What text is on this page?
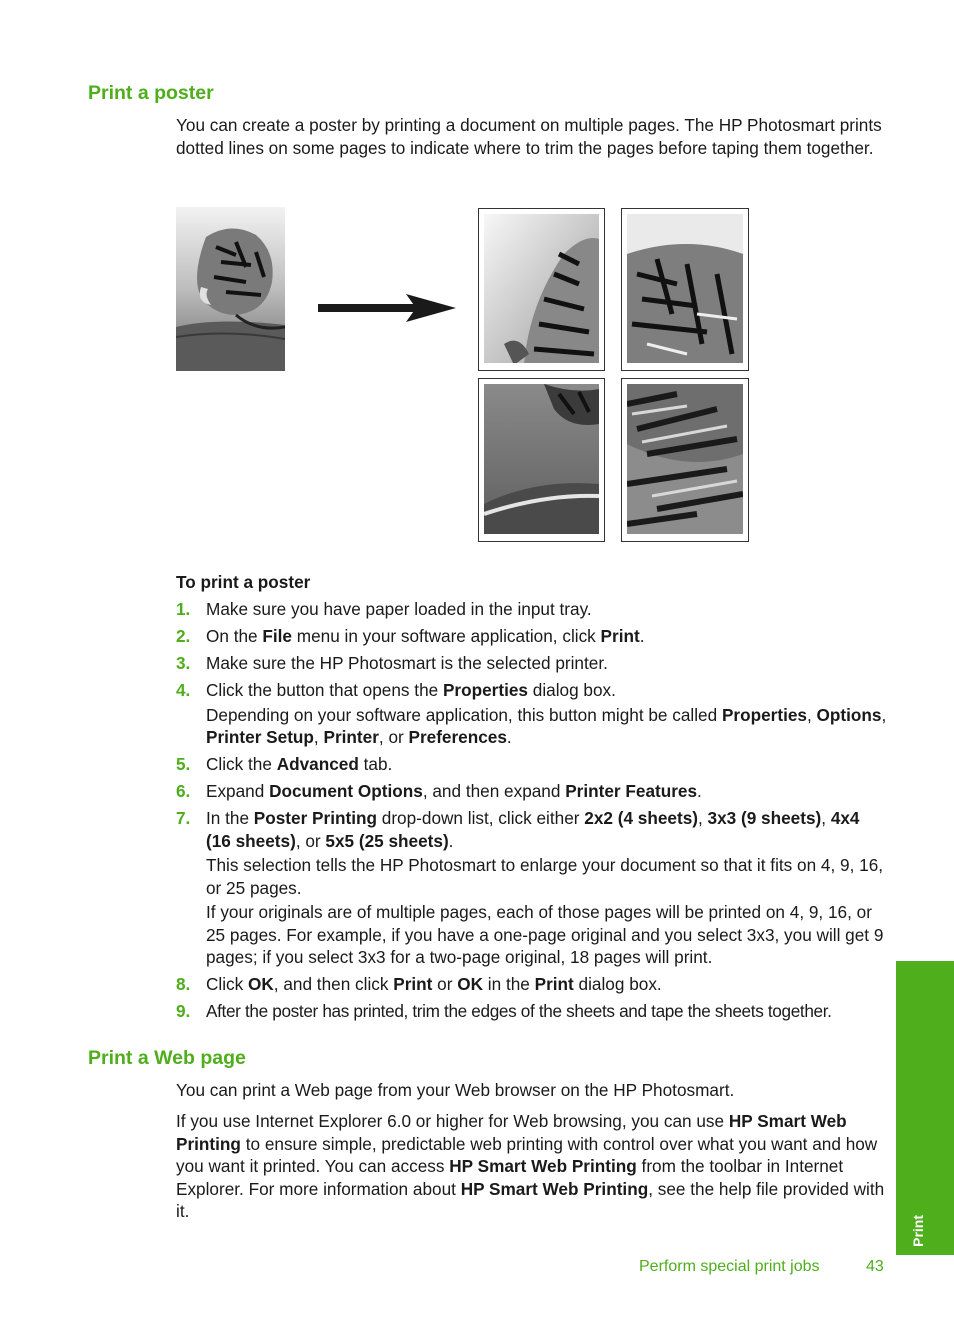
Print a poster

You can create a poster by printing a document on multiple pages. The HP Photosmart prints dotted lines on some pages to indicate where to trim the pages before taping them together.

To print a poster

1. Make sure you have paper loaded in the input tray.
2. On the File menu in your software application, click Print.
3. Make sure the HP Photosmart is the selected printer.
4. Click the button that opens the Properties dialog box.
Depending on your software application, this button might be called Properties, Options, Printer Setup, Printer, or Preferences.
5. Click the Advanced tab.
6. Expand Document Options, and then expand Printer Features.
7. In the Poster Printing drop-down list, click either 2x2 (4 sheets), 3x3 (9 sheets), 4x4 (16 sheets), or 5x5 (25 sheets).
This selection tells the HP Photosmart to enlarge your document so that it fits on 4, 9, 16, or 25 pages.
If your originals are of multiple pages, each of those pages will be printed on 4, 9, 16, or 25 pages. For example, if you have a one-page original and you select 3x3, you will get 9 pages; if you select 3x3 for a two-page original, 18 pages will print.
8. Click OK, and then click Print or OK in the Print dialog box.
9. After the poster has printed, trim the edges of the sheets and tape the sheets together.
Print a Web page

You can print a Web page from your Web browser on the HP Photosmart.

If you use Internet Explorer 6.0 or higher for Web browsing, you can use HP Smart Web Printing to ensure simple, predictable web printing with control over what you want and how you want it printed. You can access HP Smart Web Printing from the toolbar in Internet Explorer. For more information about HP Smart Web Printing, see the help file provided with it.

Print
Perform special print jobs	43
